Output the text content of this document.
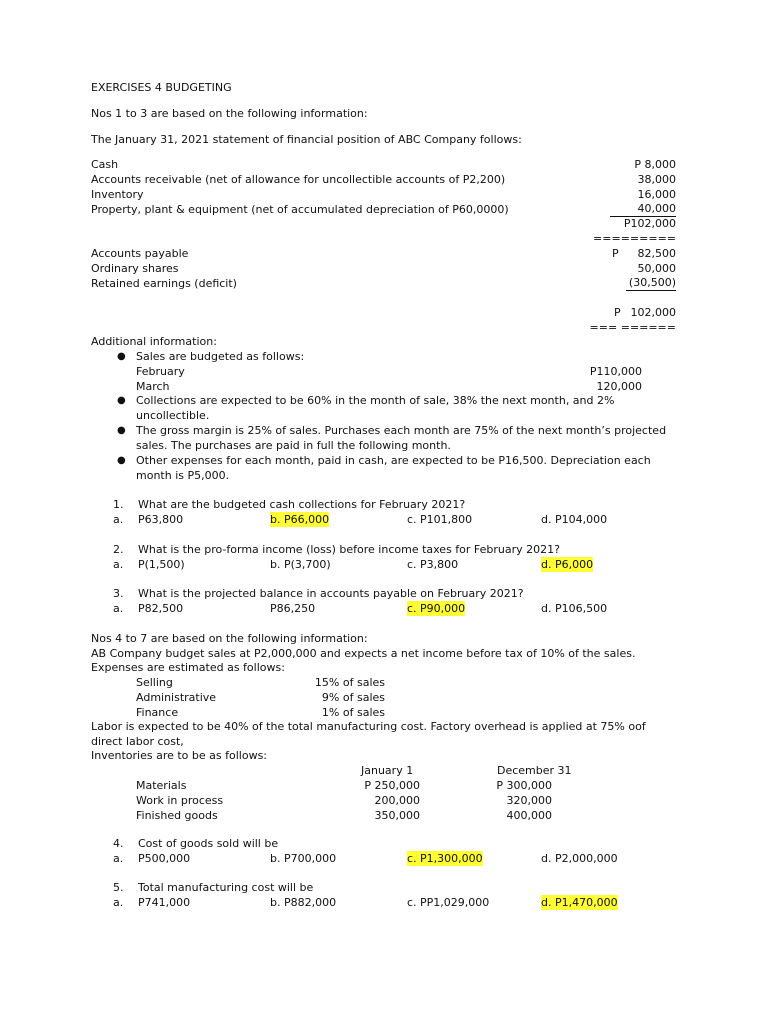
EXERCISES 4 BUDGETING
Nos 1 to 3 are based on the following information:
The January 31, 2021 statement of financial position of ABC Company follows:
Cash	P 8,000
Accounts receivable (net of allowance for uncollectible accounts of P2,200)	38,000
Inventory	16,000
Property, plant & equipment (net of accumulated depreciation of P60,0000)	40,000
P102,000
=========
Accounts payable	P	82,500
Ordinary shares	50,000
Retained earnings (deficit)	(30,500)
P 102,000
=== ======
Additional information:
● Sales are budgeted as follows:
February	P110,000
March	120,000
● Collections are expected to be 60% in the month of sale, 38% the next month, and 2%
uncollectible.
● The gross margin is 25% of sales. Purchases each month are 75% of the next month’s projected
sales. The purchases are paid in full the following month.
● Other expenses for each month, paid in cash, are expected to be P16,500. Depreciation each
month is P5,000.
1. What are the budgeted cash collections for February 2021?
a. P63,800	b. P66,000	c. P101,800	d. P104,000
2. What is the pro-forma income (loss) before income taxes for February 2021?
a. P(1,500)	b. P(3,700)	c. P3,800	d. P6,000
3. What is the projected balance in accounts payable on February 2021?
a. P82,500	P86,250	c. P90,000	d. P106,500
Nos 4 to 7 are based on the following information:
AB Company budget sales at P2,000,000 and expects a net income before tax of 10% of the sales.
Expenses are estimated as follows:
Selling	15% of sales
Administrative	9% of sales
Finance	1% of sales
Labor is expected to be 40% of the total manufacturing cost. Factory overhead is applied at 75% oof
direct labor cost,
Inventories are to be as follows:
January 1	December 31
Materials	P 250,000	P 300,000
Work in process	200,000	320,000
Finished goods	350,000	400,000
4. Cost of goods sold will be
a. P500,000	b. P700,000	c. P1,300,000	d. P2,000,000
5. Total manufacturing cost will be
a. P741,000	b. P882,000	c. PP1,029,000	d. P1,470,000
